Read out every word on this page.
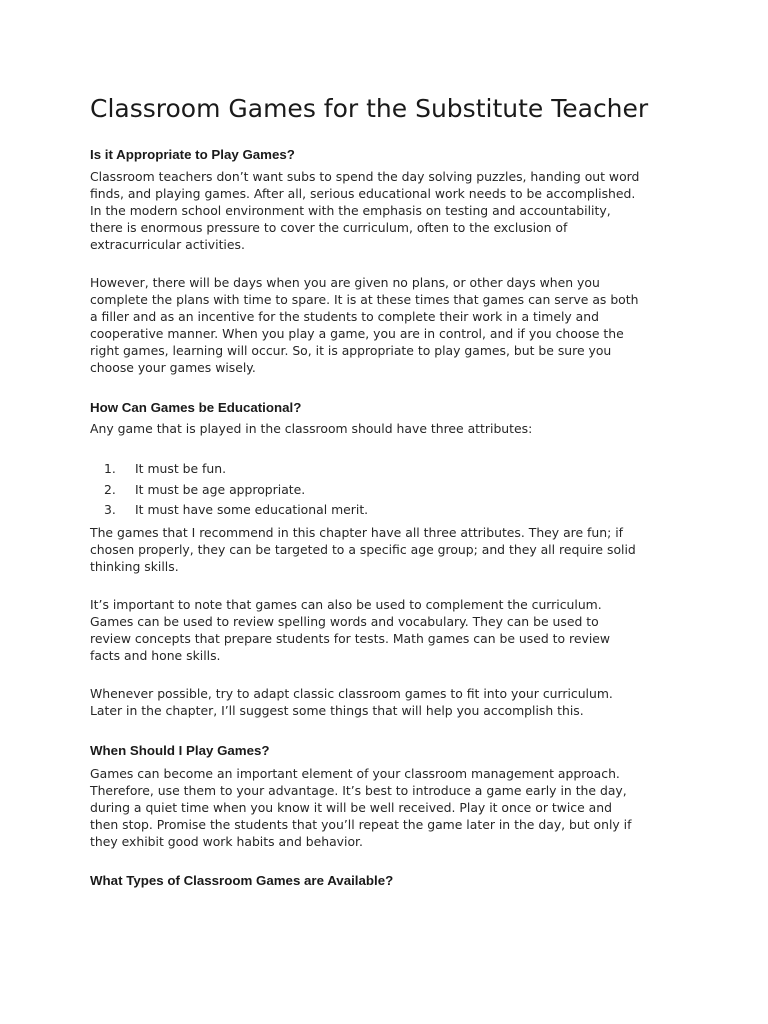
Classroom Games for the Substitute Teacher
Is it Appropriate to Play Games?

Classroom teachers don’t want subs to spend the day solving puzzles, handing out word
finds, and playing games. After all, serious educational work needs to be accomplished.
In the modern school environment with the emphasis on testing and accountability,
there is enormous pressure to cover the curriculum, often to the exclusion of
extracurricular activities.

However, there will be days when you are given no plans, or other days when you
complete the plans with time to spare. It is at these times that games can serve as both
a filler and as an incentive for the students to complete their work in a timely and
cooperative manner. When you play a game, you are in control, and if you choose the
right games, learning will occur. So, it is appropriate to play games, but be sure you
choose your games wisely.

How Can Games be Educational?

Any game that is played in the classroom should have three attributes:

1. It must be fun.
2. It must be age appropriate.
3. It must have some educational merit.

The games that I recommend in this chapter have all three attributes. They are fun; if
chosen properly, they can be targeted to a specific age group; and they all require solid
thinking skills.

It’s important to note that games can also be used to complement the curriculum.
Games can be used to review spelling words and vocabulary. They can be used to
review concepts that prepare students for tests. Math games can be used to review
facts and hone skills.

Whenever possible, try to adapt classic classroom games to fit into your curriculum.
Later in the chapter, I’ll suggest some things that will help you accomplish this.

When Should I Play Games?

Games can become an important element of your classroom management approach.
Therefore, use them to your advantage. It’s best to introduce a game early in the day,
during a quiet time when you know it will be well received. Play it once or twice and
then stop. Promise the students that you’ll repeat the game later in the day, but only if
they exhibit good work habits and behavior.

What Types of Classroom Games are Available?
